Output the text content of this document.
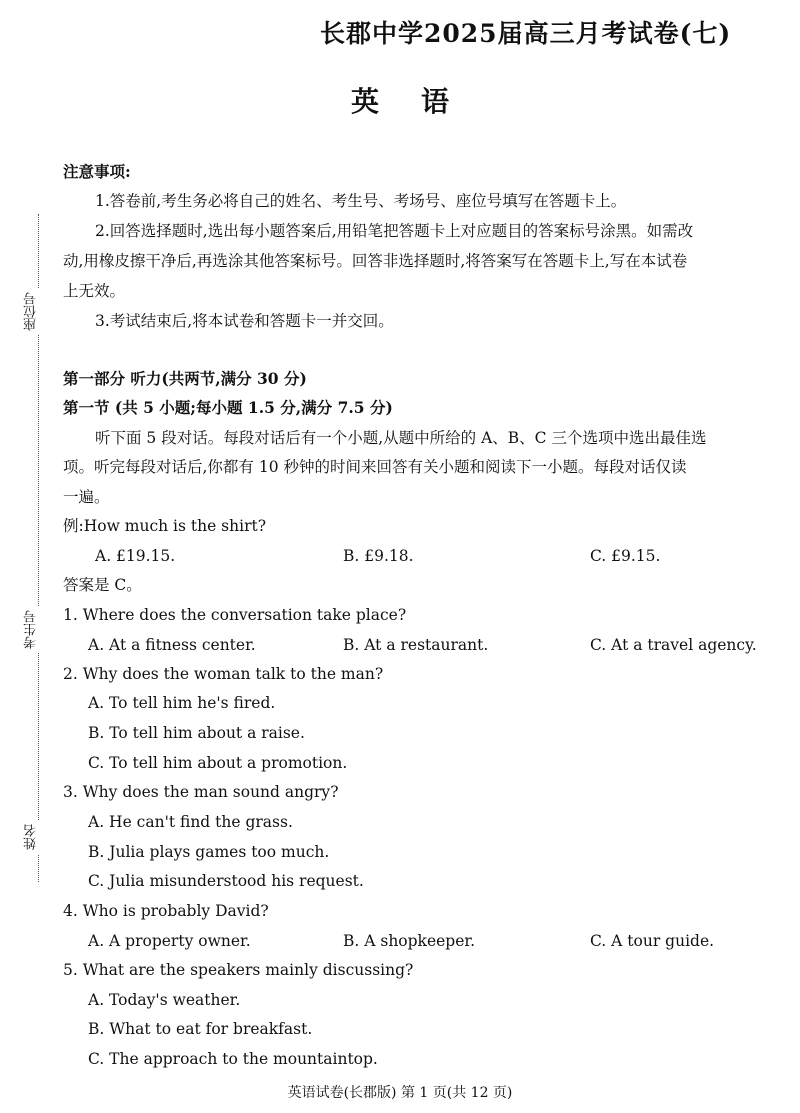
长郡中学2025届高三月考试卷(七)
英语
座位号
考生号
姓名
注意事项:
1.答卷前,考生务必将自己的姓名、考生号、考场号、座位号填写在答题卡上。
2.回答选择题时,选出每小题答案后,用铅笔把答题卡上对应题目的答案标号涂黑。如需改
动,用橡皮擦干净后,再选涂其他答案标号。回答非选择题时,将答案写在答题卡上,写在本试卷
上无效。
3.考试结束后,将本试卷和答题卡一并交回。
第一部分 听力(共两节,满分 30 分)
第一节 (共 5 小题;每小题 1.5 分,满分 7.5 分)
听下面 5 段对话。每段对话后有一个小题,从题中所给的 A、B、C 三个选项中选出最佳选
项。听完每段对话后,你都有 10 秒钟的时间来回答有关小题和阅读下一小题。每段对话仅读
一遍。
例:How much is the shirt?
A. £19.15.	B. £9.18.	C. £9.15.
答案是 C。
1. Where does the conversation take place?
A. At a fitness center.	B. At a restaurant.	C. At a travel agency.
2. Why does the woman talk to the man?
A. To tell him he's fired.
B. To tell him about a raise.
C. To tell him about a promotion.
3. Why does the man sound angry?
A. He can't find the grass.
B. Julia plays games too much.
C. Julia misunderstood his request.
4. Who is probably David?
A. A property owner.	B. A shopkeeper.	C. A tour guide.
5. What are the speakers mainly discussing?
A. Today's weather.
B. What to eat for breakfast.
C. The approach to the mountaintop.
英语试卷(长郡版) 第 1 页(共 12 页)
